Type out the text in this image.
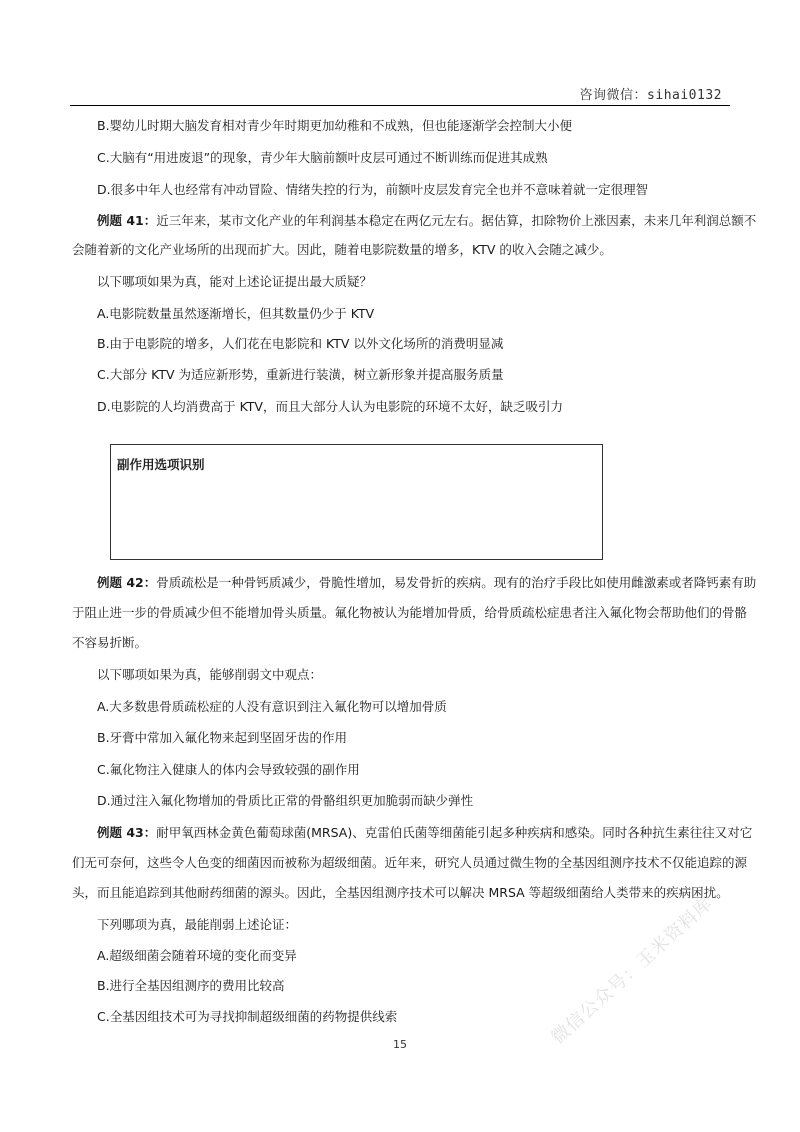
咨询微信：sihai0132
B.婴幼儿时期大脑发育相对青少年时期更加幼稚和不成熟，但也能逐渐学会控制大小便
C.大脑有“用进废退”的现象，青少年大脑前额叶皮层可通过不断训练而促进其成熟
D.很多中年人也经常有冲动冒险、情绪失控的行为，前额叶皮层发育完全也并不意味着就一定很理智
例题 41：近三年来，某市文化产业的年利润基本稳定在两亿元左右。据估算，扣除物价上涨因素，未来几年利润总额不
会随着新的文化产业场所的出现而扩大。因此，随着电影院数量的增多，KTV 的收入会随之减少。
以下哪项如果为真，能对上述论证提出最大质疑？
A.电影院数量虽然逐渐增长，但其数量仍少于 KTV
B.由于电影院的增多，人们花在电影院和 KTV 以外文化场所的消费明显减
C.大部分 KTV 为适应新形势，重新进行装潢，树立新形象并提高服务质量
D.电影院的人均消费高于 KTV，而且大部分人认为电影院的环境不太好，缺乏吸引力
副作用选项识别
例题 42：骨质疏松是一种骨钙质减少，骨脆性增加，易发骨折的疾病。现有的治疗手段比如使用雌激素或者降钙素有助
于阻止进一步的骨质减少但不能增加骨头质量。氟化物被认为能增加骨质，给骨质疏松症患者注入氟化物会帮助他们的骨骼
不容易折断。
以下哪项如果为真，能够削弱文中观点：
A.大多数患骨质疏松症的人没有意识到注入氟化物可以增加骨质
B.牙膏中常加入氟化物来起到坚固牙齿的作用
C.氟化物注入健康人的体内会导致较强的副作用
D.通过注入氟化物增加的骨质比正常的骨骼组织更加脆弱而缺少弹性
例题 43：耐甲氧西林金黄色葡萄球菌(MRSA)、克雷伯氏菌等细菌能引起多种疾病和感染。同时各种抗生素往往又对它
们无可奈何，这些令人色变的细菌因而被称为超级细菌。近年来，研究人员通过微生物的全基因组测序技术不仅能追踪的源
头，而且能追踪到其他耐药细菌的源头。因此，全基因组测序技术可以解决 MRSA 等超级细菌给人类带来的疾病困扰。
下列哪项为真，最能削弱上述论证：
A.超级细菌会随着环境的变化而变异
B.进行全基因组测序的费用比较高
C.全基因组技术可为寻找抑制超级细菌的药物提供线索
15	微信公众号：玉米资料库
